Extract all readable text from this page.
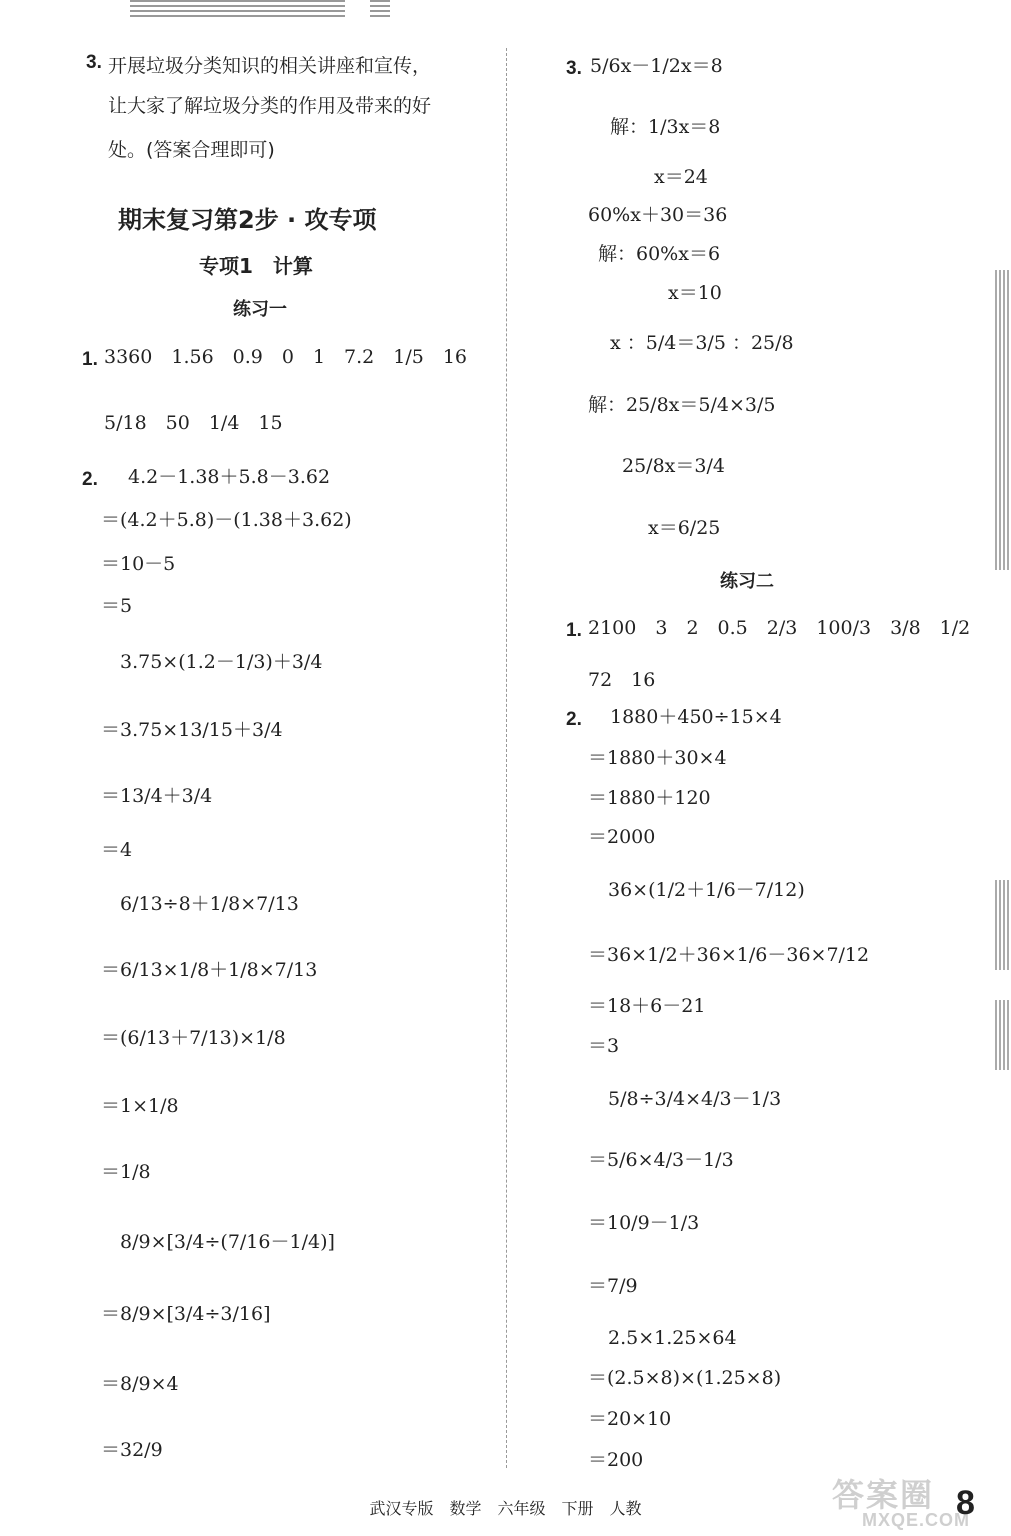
3. 开展垃圾分类知识的相关讲座和宣传，
让大家了解垃圾分类的作用及带来的好
处。(答案合理即可)
期末复习第2步 · 攻专项
专项1　计算
练习一
1. 3360　1.56　0.9　0　1　7.2　1/5　16
5/18　50　1/4　15
2. 4.2－1.38＋5.8－3.62
＝(4.2＋5.8)－(1.38＋3.62)
＝10－5
＝5
3.75×(1.2－1/3)＋3/4
＝3.75×13/15＋3/4
＝13/4＋3/4
＝4
6/13÷8＋1/8×7/13
＝6/13×1/8＋1/8×7/13
＝(6/13＋7/13)×1/8
＝1×1/8
＝1/8
8/9×[3/4÷(7/16－1/4)]
＝8/9×[3/4÷3/16]
＝8/9×4
＝32/9
3. 5/6x－1/2x＝8
解：1/3x＝8
x＝24
60%x＋30＝36
解：60%x＝6
x＝10
x ：5/4＝3/5 ：25/8
解：25/8x＝5/4×3/5
25/8x＝3/4
x＝6/25
练习二
1. 2100　3　2　0.5　2/3　100/3　3/8　1/2
72　16
2. 1880＋450÷15×4
＝1880＋30×4
＝1880＋120
＝2000
36×(1/2＋1/6－7/12)
＝36×1/2＋36×1/6－36×7/12
＝18＋6－21
＝3
5/8÷3/4×4/3－1/3
＝5/6×4/3－1/3
＝10/9－1/3
＝7/9
2.5×1.25×64
＝(2.5×8)×(1.25×8)
＝20×10
＝200
武汉专版　数学　六年级　下册　人教	答案圈
MXQE.COM
8
